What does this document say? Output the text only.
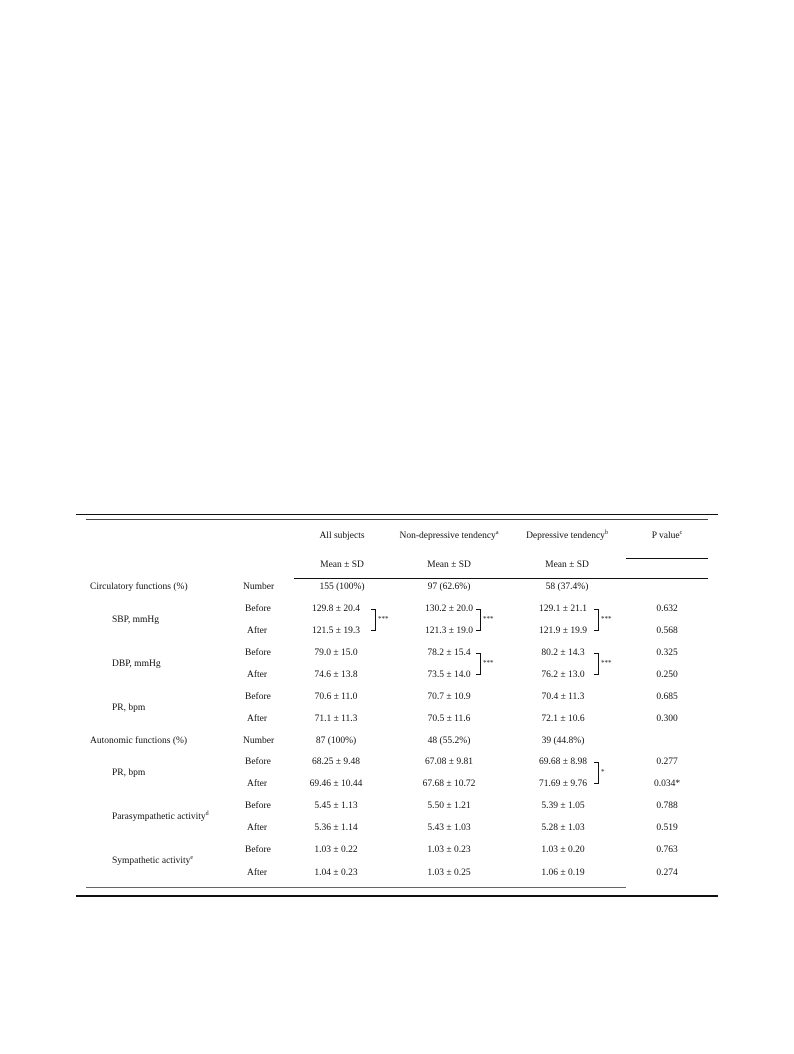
All subjects	Non-depressive tendency$^a$	Depressive tendency$^b$	P value$^c$
Mean ± SD	Mean ± SD	Mean ± SD
Circulatory functions (%)	Number	155 (100%)	97 (62.6%)	58 (37.4%)
SBP, mmHg
Before	129.8 ± 20.4	130.2 ± 20.0	129.1 ± 21.1	0.632
After	121.5 ± 19.3	121.3 ± 19.0	121.9 ± 19.9	0.568
***	***	***
DBP, mmHg
Before	79.0 ± 15.0	78.2 ± 15.4	80.2 ± 14.3	0.325
After	74.6 ± 13.8	73.5 ± 14.0	76.2 ± 13.0	0.250
***	***
PR, bpm
Before	70.6 ± 11.0	70.7 ± 10.9	70.4 ± 11.3	0.685
After	71.1 ± 11.3	70.5 ± 11.6	72.1 ± 10.6	0.300
Autonomic functions (%)	Number	87 (100%)	48 (55.2%)	39 (44.8%)
PR, bpm
Before	68.25 ± 9.48	67.08 ± 9.81	69.68 ± 8.98	0.277
After	69.46 ± 10.44	67.68 ± 10.72	71.69 ± 9.76	0.034*
*
Parasympathetic activity$^d$
Before	5.45 ± 1.13	5.50 ± 1.21	5.39 ± 1.05	0.788
After	5.36 ± 1.14	5.43 ± 1.03	5.28 ± 1.03	0.519
Sympathetic activity$^e$
Before	1.03 ± 0.22	1.03 ± 0.23	1.03 ± 0.20	0.763
After	1.04 ± 0.23	1.03 ± 0.25	1.06 ± 0.19	0.274
